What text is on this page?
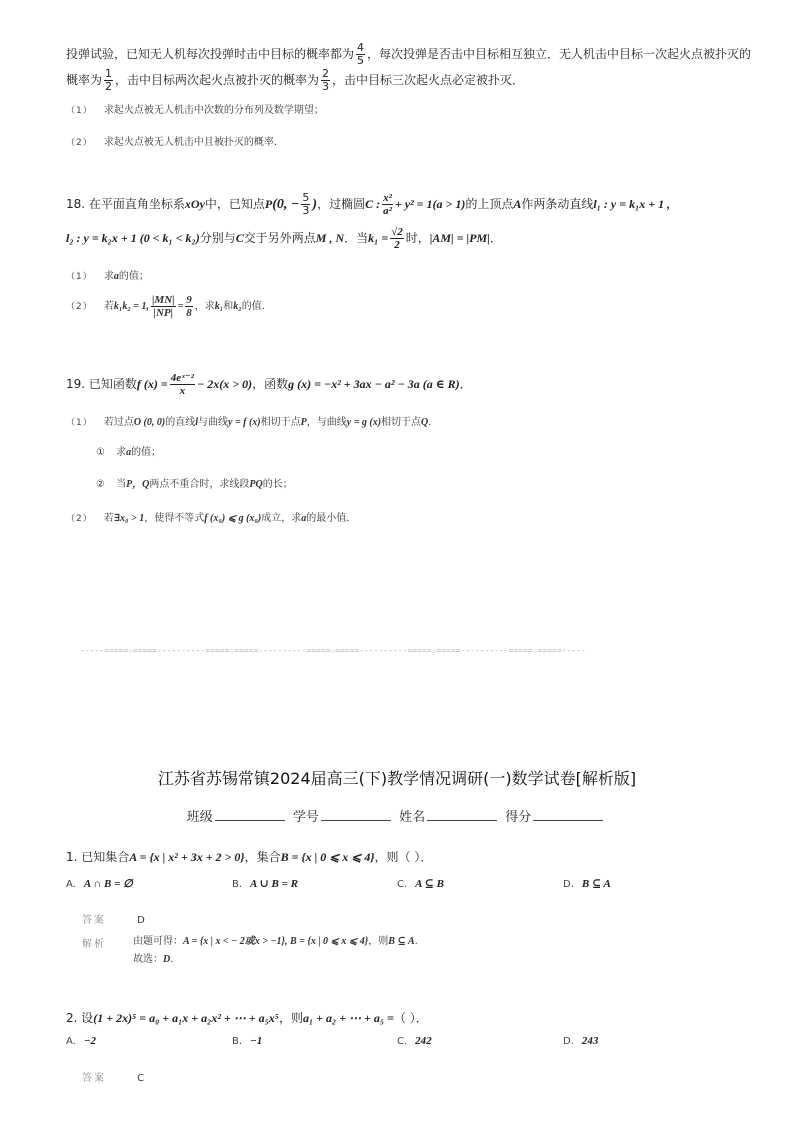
投弹试验，已知无人机每次投弹时击中目标的概率都为 $\frac{4}{5}$ ，每次投弹是否击中目标相互独立．无人机击中目标一次起火点被扑灭的
概率为 $\frac{1}{2}$ ，击中目标两次起火点被扑灭的概率为 $\frac{2}{3}$ ，击中目标三次起火点必定被扑灭．
（1） 求起火点被无人机击中次数的分布列及数学期望；
（2） 求起火点被无人机击中且被扑灭的概率．
18. 在平面直角坐标系xOy中，已知点P(0, − $\frac{5}{3}$ )，过椭圆C : $\frac{\text{x²}}{\text{a²}} + y^2 = 1(a > 1)$的上顶点A作两条动直线l₁ : y = k₁x + 1 ,
l₂ : y = k₂x + 1 (0 < k₁ < k₂)分别与C交于另外两点M , N．当$k_1 = \frac{√2}{2}$ 时，|AM| = |PM|．
（1） 求a的值；
（2） 若k₁k₂ = 1, $\frac{|MN|}{|NP|} = \frac{9}{8}$ ，求k₁和k₂的值．
19. 已知函数f $(x) = \frac{\text{4eˣ⁻²}}{x} - 2x(x > 0)$，函数g (x) = −x² + 3ax − a² − 3a (a ∈ R)．
（1） 若过点O (0, 0)的直线l与曲线y = f (x)相切于点P，与曲线y = g (x)相切于点Q．
① 求a的值；
② 当P，Q两点不重合时，求线段PQ的长；
（2） 若∃x₀ > 1，使得不等式f (x₀) ⩽ g (x₀)成立，求a的最小值．
-----=====☆=====----------=====☆=====----------=====☆=====----------=====☆=====----------=====☆=====-----
江苏省苏锡常镇2024届高三(下)教学情况调研(一)数学试卷[解析版]
班级	学号	姓名	得分
1. 已知集合A = {x | x² + 3x + 2 > 0}，集合B = {x | 0 ⩽ x ⩽ 4}，则（ ）．
A. A ∩ B = ∅	B. A ∪ B = R	C. A ⊆ B	D. B ⊆ A
答案	D
解析	由题可得：A = {x | x < − 2或x > −1}, B = {x | 0 ⩽ x ⩽ 4}，则B ⊆ A.
故选：D.
2. 设(1 + 2x)⁵ = a₀ + a₁x + a₂x² + ⋯ + a₅x⁵，则a₁ + a₂ + ⋯ + a₅ =（ ）．
A. −2	B. −1	C. 242	D. 243
答案	C
